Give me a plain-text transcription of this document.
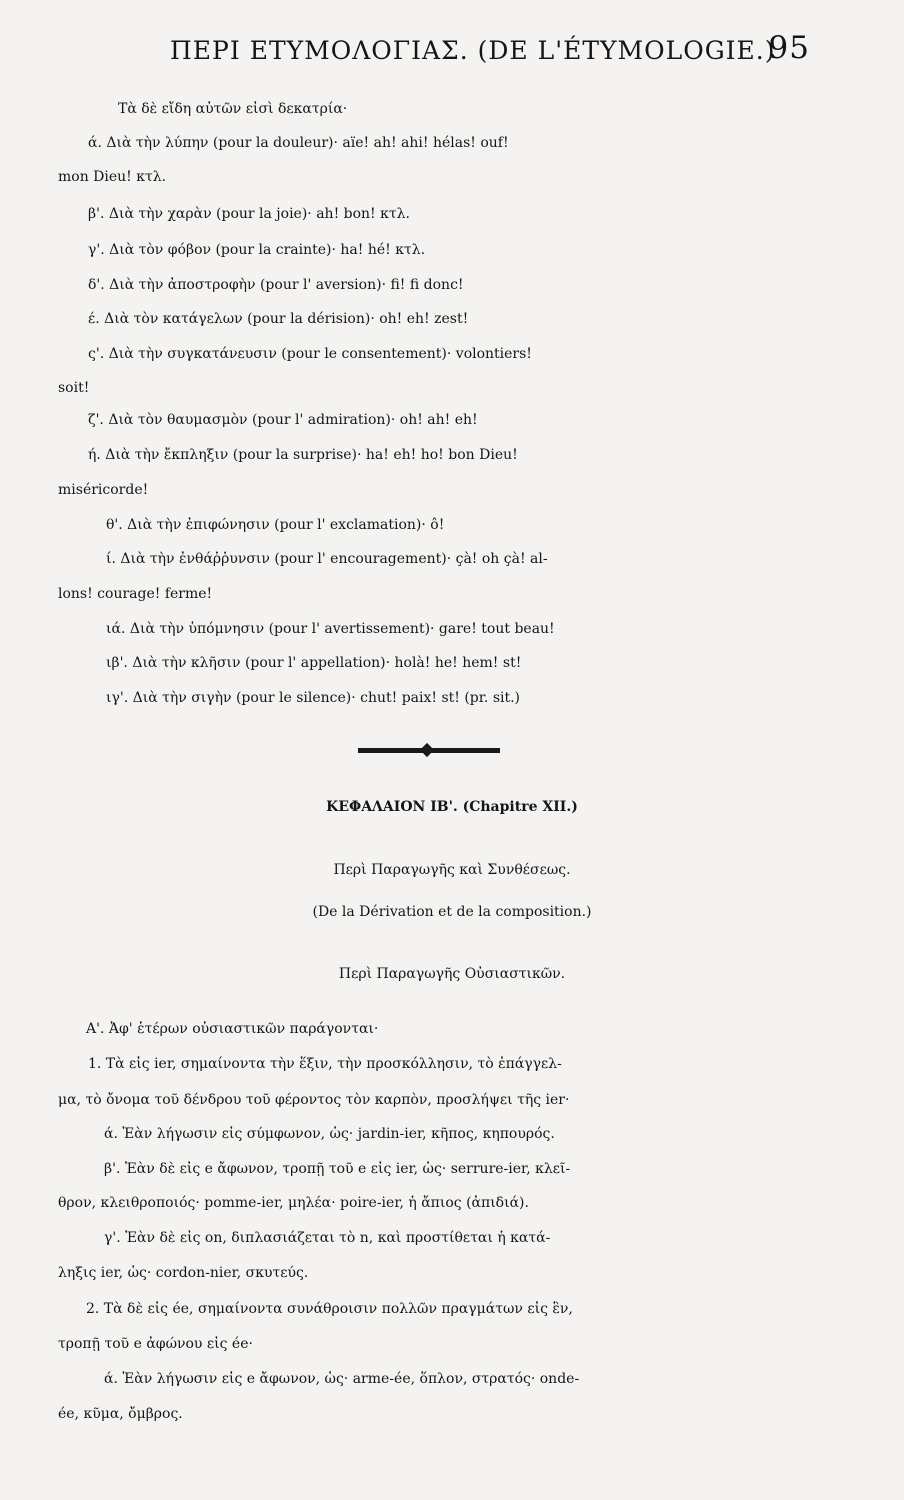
ΠΕΡΙ ΕΤΥΜΟΛΟΓΙΑΣ. (DE L'ÉTYMOLOGIE.)
95
Τὰ δὲ εἴδη αὐτῶν εἰσὶ δεκατρία·
ά. Διὰ τὴν λύπην (pour la douleur)· aïe! ah! ahi! hélas! ouf!
mon Dieu! κτλ.
β'. Διὰ τὴν χαρὰν (pour la joie)· ah! bon! κτλ.
γ'. Διὰ τὸν φόβον (pour la crainte)· ha! hé! κτλ.
δ'. Διὰ τὴν ἀποστροφὴν (pour l' aversion)· fi! fi donc!
έ. Διὰ τὸν κατάγελων (pour la dérision)· oh! eh! zest!
ς'. Διὰ τὴν συγκατάνευσιν (pour le consentement)· volontiers!
soit!
ζ'. Διὰ τὸν θαυμασμὸν (pour l' admiration)· oh! ah! eh!
ή. Διὰ τὴν ἔκπληξιν (pour la surprise)· ha! eh! ho! bon Dieu!
miséricorde!
θ'. Διὰ τὴν ἐπιφώνησιν (pour l' exclamation)· ô!
ί. Διὰ τὴν ἐνθάῤῥυνσιν (pour l' encouragement)· çà! oh çà! al-
lons! courage! ferme!
ιά. Διὰ τὴν ὑπόμνησιν (pour l' avertissement)· gare! tout beau!
ιβ'. Διὰ τὴν κλῆσιν (pour l' appellation)· holà! he! hem! st!
ιγ'. Διὰ τὴν σιγὴν (pour le silence)· chut! paix! st! (pr. sit.)
ΚΕΦΑΛΑΙΟΝ ΙΒ'. (Chapitre XII.)
Περὶ Παραγωγῆς καὶ Συνθέσεως.
(De la Dérivation et de la composition.)
Περὶ Παραγωγῆς Οὐσιαστικῶν.
Α'. Ἀφ' ἑτέρων οὐσιαστικῶν παράγονται·
1. Τὰ εἰς ier, σημαίνοντα τὴν ἕξιν, τὴν προσκόλλησιν, τὸ ἐπάγγελ-
μα, τὸ ὄνομα τοῦ δένδρου τοῦ φέροντος τὸν καρπὸν, προσλήψει τῆς ier·
ά. Ἐὰν λήγωσιν εἰς σύμφωνον, ὡς· jardin-ier, κῆπος, κηπουρός.
β'. Ἐὰν δὲ εἰς e ἄφωνον, τροπῇ τοῦ e εἰς ier, ὡς· serrure-ier, κλεῖ-
θρον, κλειθροποιός· pomme-ier, μηλέα· poire-ier, ἡ ἄπιος (ἀπιδιά).
γ'. Ἐὰν δὲ εἰς on, διπλασιάζεται τὸ n, καὶ προστίθεται ἡ κατά-
ληξις ier, ὡς· cordon-nier, σκυτεύς.
2. Τὰ δὲ εἰς ée, σημαίνοντα συνάθροισιν πολλῶν πραγμάτων εἰς ἓν,
τροπῇ τοῦ e ἀφώνου εἰς ée·
ά. Ἐὰν λήγωσιν εἰς e ἄφωνον, ὡς· arme-ée, ὅπλον, στρατός· onde-
ée, κῦμα, ὄμβρος.
